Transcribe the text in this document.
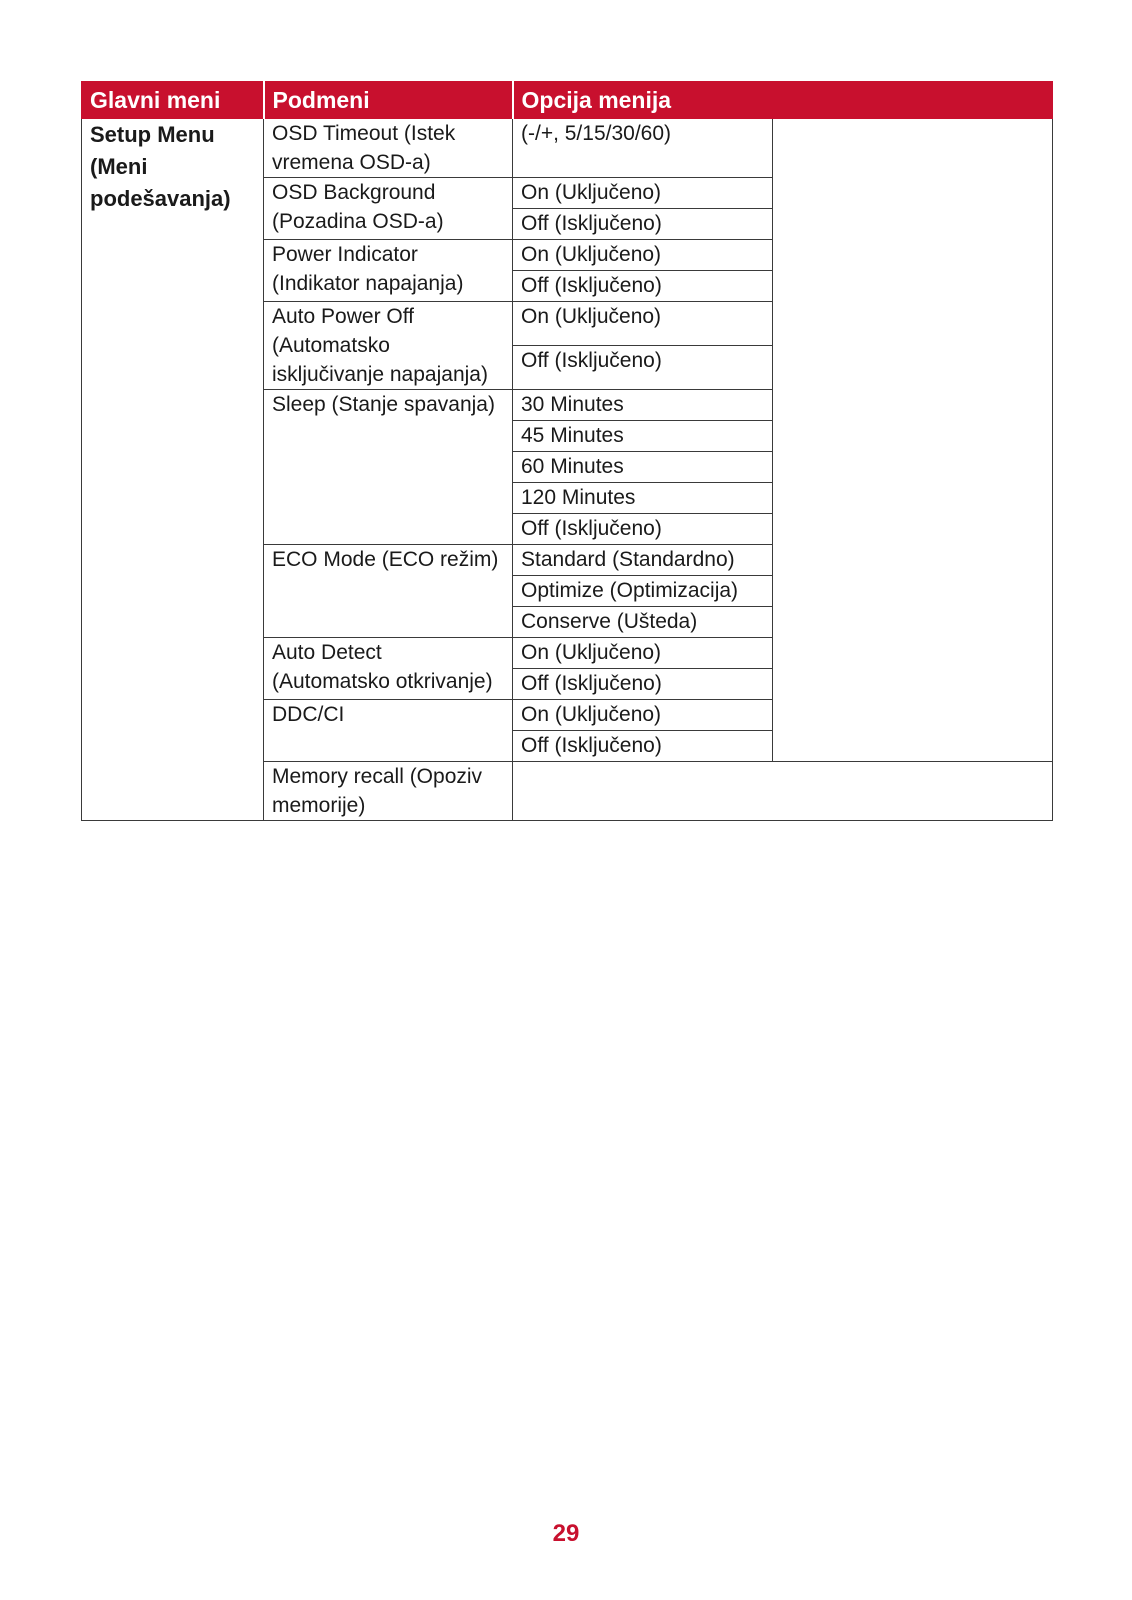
Glavni meni	Podmeni	Opcija menija	
Setup Menu (Meni podešavanja)	OSD Timeout (Istek vremena OSD-a)	(-/+, 5/15/30/60)	
	OSD Background (Pozadina OSD-a)	On (Uključeno)	
		Off (Isključeno)	
	Power Indicator (Indikator napajanja)	On (Uključeno)	
		Off (Isključeno)	
	Auto Power Off (Automatsko isključivanje napajanja)	On (Uključeno)	
		Off (Isključeno)	
	Sleep (Stanje spavanja)	30 Minutes	
		45 Minutes	
		60 Minutes	
		120 Minutes	
		Off (Isključeno)	
	ECO Mode (ECO režim)	Standard (Standardno)	
		Optimize (Optimizacija)	
		Conserve (Ušteda)	
	Auto Detect (Automatsko otkrivanje)	On (Uključeno)	
		Off (Isključeno)	
	DDC/CI	On (Uključeno)	
		Off (Isključeno)	
	Memory recall (Opoziv memorije)		
29
